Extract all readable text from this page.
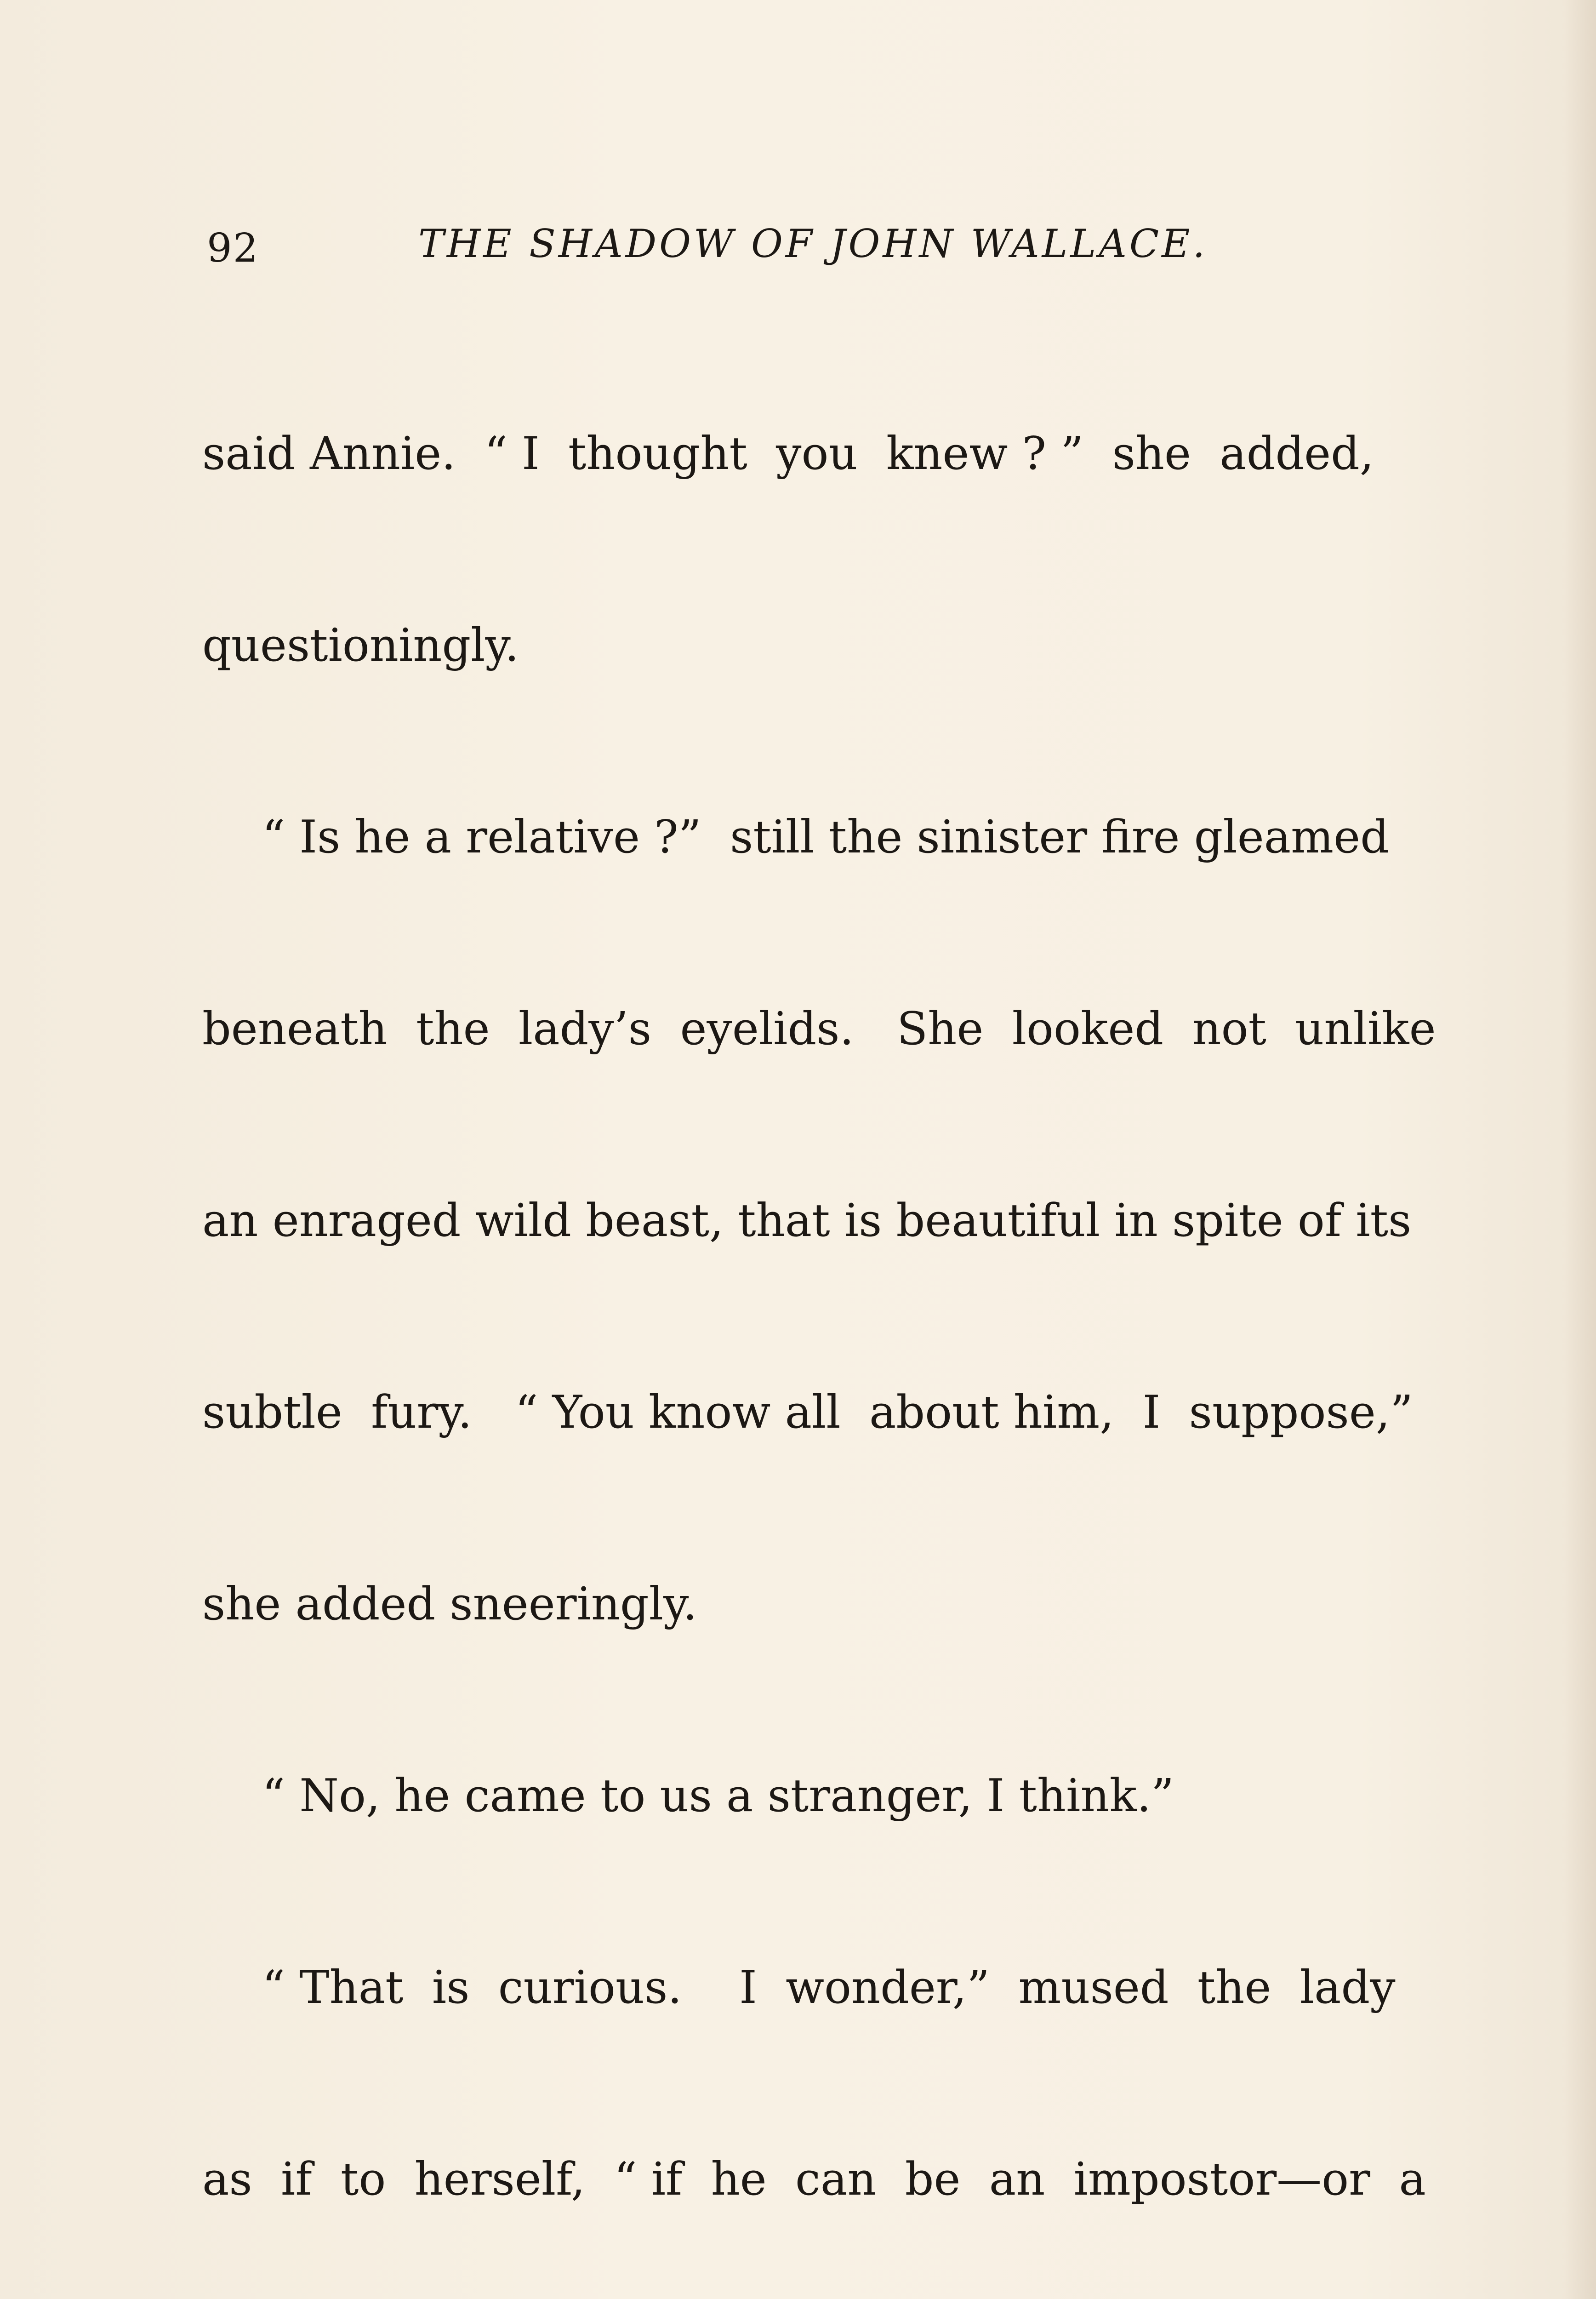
92	THE SHADOW OF JOHN WALLACE.

said Annie.  “ I  thought  you  knew ? ”  she  added,

questioningly.

“ Is he a relative ?”  still the sinister fire gleamed

beneath  the  lady’s  eyelids.   She  looked  not  unlike

an enraged wild beast, that is beautiful in spite of its

subtle  fury.   “ You know all  about him,  I  suppose,”

she added sneeringly.

“ No, he came to us a stranger, I think.”

“ That  is  curious.    I  wonder,”  mused  the  lady

as  if  to  herself,  “ if  he  can  be  an  impostor—or  a
